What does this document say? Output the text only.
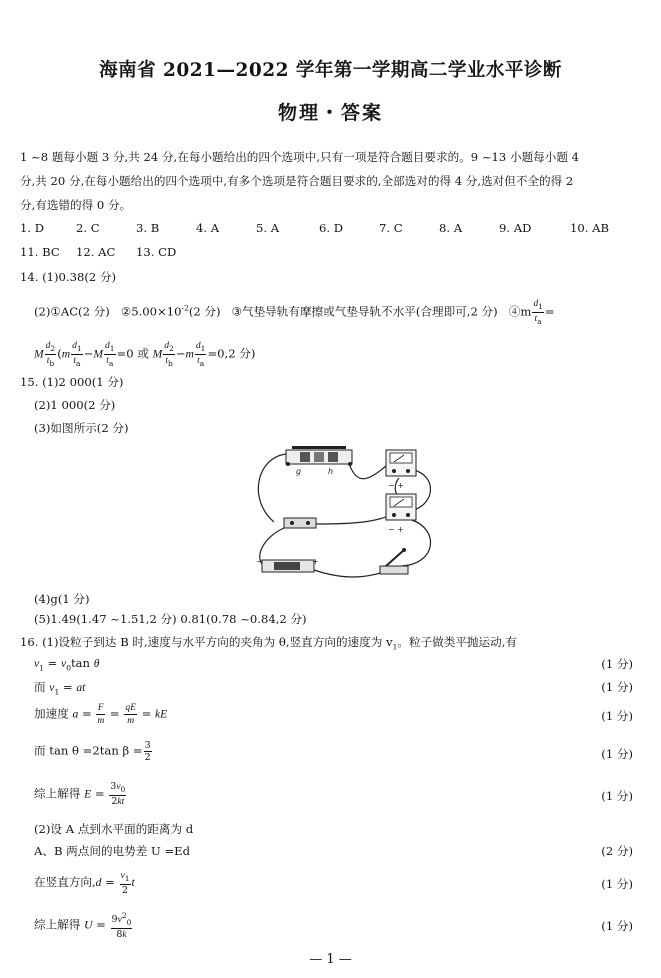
海南省 2021—2022 学年第一学期高二学业水平诊断
物理・答案
1 ~8 题每小题 3 分,共 24 分,在每小题给出的四个选项中,只有一项是符合题目要求的。9 ~13 小题每小题 4
分,共 20 分,在每小题给出的四个选项中,有多个选项是符合题目要求的,全部选对的得 4 分,选对但不全的得 2
分,有选错的得 0 分。
1. D	2. C	3. B	4. A	5. A	6. D	7. C	8. A	9. AD	10. AB
11. BC 12. AC 13. CD
14. (1)0.38(2 分)
(2)①AC(2 分) $②5.00\times 10^{-2}(2$ 分) ③气垫导轨有摩擦或气垫导轨不水平(合理即可,2 分) ④m $\frac{d_1}{t_a}$ =
M $\frac{d_2}{t_b} (m \frac{d_1}{t_a} -M \frac{d_1}{t_a} =0$ 或 M $\frac{d_2}{t_b} -m \frac{d_1}{t_a} =0,2$ 分)
15. (1)2 000(1 分)
(2)1 000(2 分)
(3)如图所示(2 分)
g	h
− +
− +
−	+
(4)g(1 分)
(5)1.49(1.47 ~1.51,2 分) 0.81(0.78 ~0.84,2 分)
16. (1)设粒子到达 B 时,速度与水平方向的夹角为 θ,竖直方向的速度为 $v_1$。粒子做类平抛运动,有
$v_1 = v_0\tan$ θ	(1 分)
而 $v_1$ = at	(1 分)
加速度 $a = \frac{F}{m} = \frac{qE}{m}$ = kE	(1 分)
而 tan θ =2tan $\beta = \frac{3}{2}$	(1 分)
综上解得 $E = \frac{3v_0}{2kt}$	(1 分)
(2)设 A 点到水平面的距离为 d
A、B 两点间的电势差 U =Ed	(2 分)
在竖直方向$,d = \frac{v_1}{2}$ t	(1 分)
综上解得 $U = \frac{9v^2_0}{8k}$	(1 分)
— 1 —
